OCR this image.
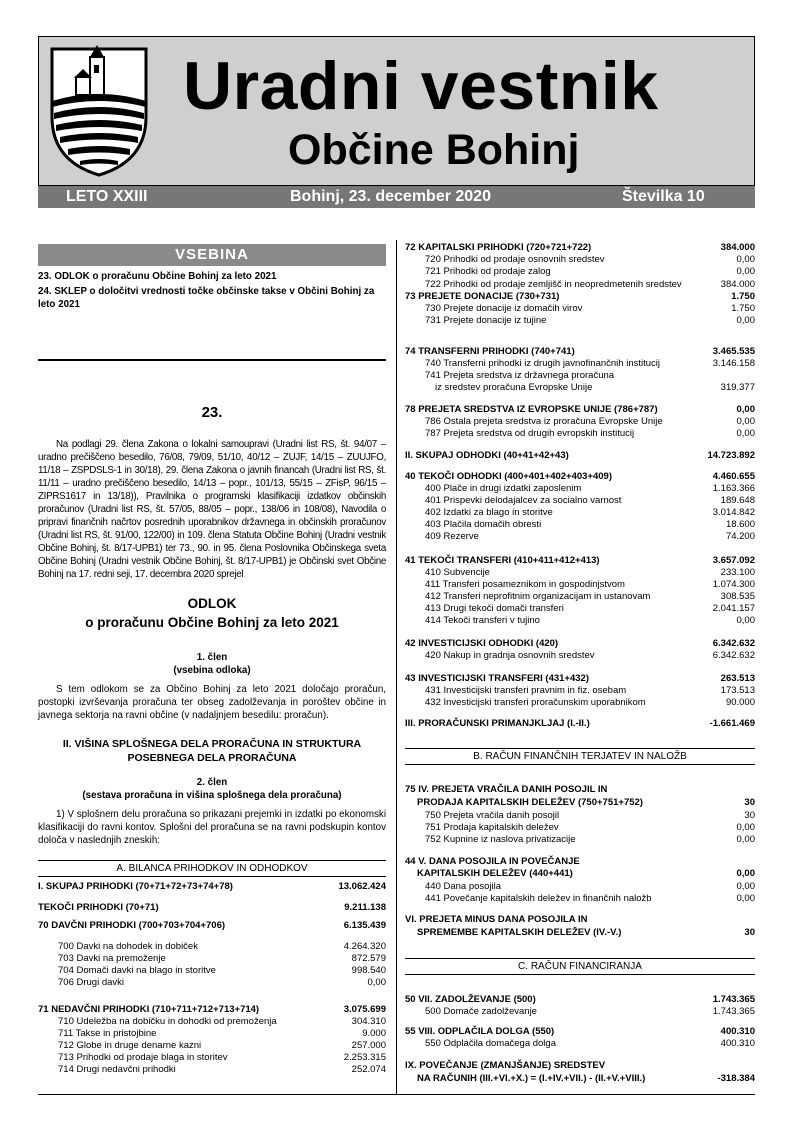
Uradni vestnik
Občine Bohinj
LETO XXIII	Bohinj, 23. december 2020	Številka 10
VSEBINA
23. ODLOK o proračunu Občine Bohinj za leto 2021
24. SKLEP o določitvi vrednosti točke občinske takse v Občini Bohinj za leto 2021
23.
Na podlagi 29. člena Zakona o lokalni samoupravi (Uradni list RS, št. 94/07 – uradno prečiščeno besedilo, 76/08, 79/09, 51/10, 40/12 – ZUJF, 14/15 – ZUUJFO, 11/18 – ZSPDSLS-1 in 30/18), 29. člena Zakona o javnih financah (Uradni list RS, št. 11/11 – uradno prečiščeno besedilo, 14/13 – popr., 101/13, 55/15 – ZFisP, 96/15 – ZIPRS1617 in 13/18)), Pravilnika o programski klasifikaciji izdatkov občinskih proračunov (Uradni list RS, št. 57/05, 88/05 – popr., 138/06 in 108/08), Navodila o pripravi finančnih načrtov posrednih uporabnikov državnega in občinskih proračunov (Uradni list RS, št. 91/00, 122/00) in 109. člena Statuta Občine Bohinj (Uradni vestnik Občine Bohinj, št. 8/17-UPB1) ter 73., 90. in 95. člena Poslovnika Občinskega sveta Občine Bohinj (Uradni vestnik Občine Bohinj, št. 8/17-UPB1) je Občinski svet Občine Bohinj na 17. redni seji, 17. decembra 2020 sprejel
ODLOK
o proračunu Občine Bohinj za leto 2021
1. člen
(vsebina odloka)
S tem odlokom se za Občino Bohinj za leto 2021 določajo proračun, postopki izvrševanja proračuna ter obseg zadolževanja in poroštev občine in javnega sektorja na ravni občine (v nadaljnjem besedilu: proračun).
II. VIŠINA SPLOŠNEGA DELA PRORAČUNA IN STRUKTURA
POSEBNEGA DELA PRORAČUNA
2. člen
(sestava proračuna in višina splošnega dela proračuna)
1) V splošnem delu proračuna so prikazani prejemki in izdatki po ekonomski klasifikaciji do ravni kontov. Splošni del proračuna se na ravni podskupin kontov določa v naslednjih zneskih:
A. BILANCA PRIHODKOV IN ODHODKOV
I. SKUPAJ PRIHODKI (70+71+72+73+74+78)	13.062.424
TEKOČI PRIHODKI (70+71)	9.211.138
70 DAVČNI PRIHODKI (700+703+704+706)	6.135.439
700 Davki na dohodek in dobiček	4.264.320
703 Davki na premoženje	872.579
704 Domači davki na blago in storitve	998.540
706 Drugi davki	0,00
71 NEDAVČNI PRIHODKI (710+711+712+713+714)	3.075.699
710 Udeležba na dobičku in dohodki od premoženja	304.310
711 Takse in pristojbine	9.000
712 Globe in druge denarne kazni	257.000
713 Prihodki od prodaje blaga in storitev	2.253.315
714 Drugi nedavčni prihodki	252.074
72 KAPITALSKI PRIHODKI (720+721+722)	384.000
720 Prihodki od prodaje osnovnih sredstev	0,00
721 Prihodki od prodaje zalog	0,00
722 Prihodki od prodaje zemljišč in neopredmetenih sredstev	384.000
73 PREJETE DONACIJE (730+731)	1.750
730 Prejete donacije iz domačih virov	1.750
731 Prejete donacije iz tujine	0,00
74 TRANSFERNI PRIHODKI (740+741)	3.465.535
740 Transferni prihodki iz drugih javnofinančnih institucij	3.146.158
741 Prejeta sredstva iz državnega proračuna
iz sredstev proračuna Evropske Unije	319.377
78 PREJETA SREDSTVA IZ EVROPSKE UNIJE (786+787)	0,00
786 Ostala prejeta sredstva iz proračuna Evropske Unije	0,00
787 Prejeta sredstva od drugih evropskih institucij	0,00
II. SKUPAJ ODHODKI (40+41+42+43)	14.723.892
40 TEKOČI ODHODKI (400+401+402+403+409)	4.460.655
400 Plače in drugi izdatki zaposlenim	1.163.366
401 Prispevki delodajalcev za socialno varnost	189.648
402 Izdatki za blago in storitve	3.014.842
403 Plačila domačih obresti	18.600
409 Rezerve	74.200
41 TEKOČI TRANSFERI (410+411+412+413)	3.657.092
410 Subvencije	233.100
411 Transferi posameznikom in gospodinjstvom	1.074.300
412 Transferi neprofitnim organizacijam in ustanovam	308.535
413 Drugi tekoči domači transferi	2.041.157
414 Tekoči transferi v tujino	0,00
42 INVESTICIJSKI ODHODKI (420)	6.342.632
420 Nakup in gradnja osnovnih sredstev	6.342.632
43 INVESTICIJSKI TRANSFERI (431+432)	263.513
431 Investicijski transferi pravnim in fiz. osebam	173.513
432 Investicijski transferi proračunskim uporabnikom	90.000
III. PRORAČUNSKI PRIMANJKLJAJ (I.-II.)	-1.661.469
B. RAČUN FINANČNIH TERJATEV IN NALOŽB
75 IV. PREJETA VRAČILA DANIH POSOJIL IN
PRODAJA KAPITALSKIH DELEŽEV (750+751+752)	30
750 Prejeta vračila danih posojil	30
751 Prodaja kapitalskih deležev	0,00
752 Kupnine iz naslova privatizacije	0,00
44 V. DANA POSOJILA IN POVEČANJE
KAPITALSKIH DELEŽEV (440+441)	0,00
440 Dana posojila	0,00
441 Povečanje kapitalskih deležev in finančnih naložb	0,00
VI. PREJETA MINUS DANA POSOJILA IN
SPREMEMBE KAPITALSKIH DELEŽEV (IV.-V.)	30
C. RAČUN FINANCIRANJA
50 VII. ZADOLŽEVANJE (500)	1.743.365
500 Domače zadolževanje	1.743.365
55 VIII. ODPLAČILA DOLGA (550)	400.310
550 Odplačila domačega dolga	400.310
IX. POVEČANJE (ZMANJŠANJE) SREDSTEV
NA RAČUNIH (III.+VI.+X.) = (I.+IV.+VII.) - (II.+V.+VIII.)	-318.384
